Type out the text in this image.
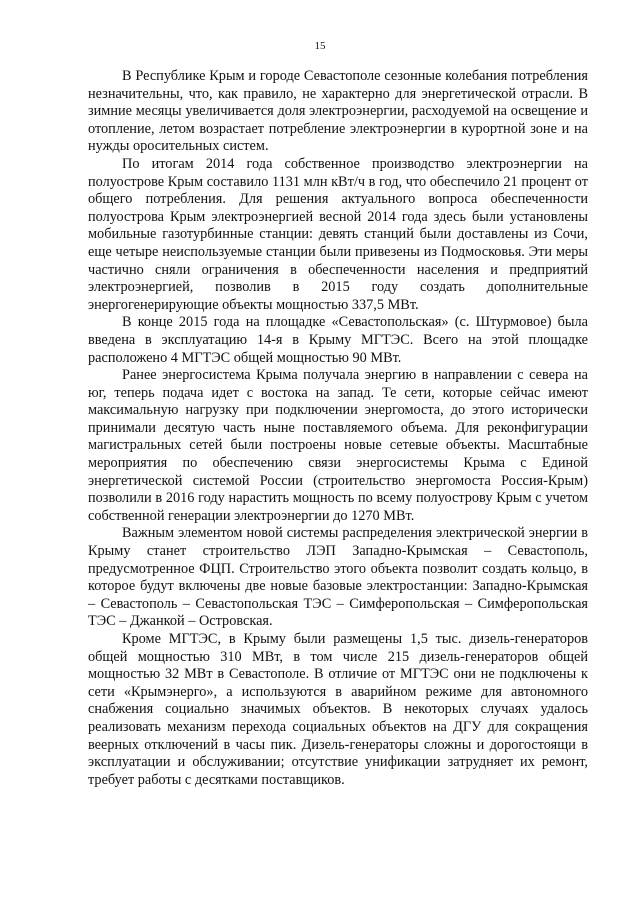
15

В Республике Крым и городе Севастополе сезонные колебания потребления незначительны, что, как правило, не характерно для энергетической отрасли. В зимние месяцы увеличивается доля электроэнергии, расходуемой на освещение и отопление, летом возрастает потребление электроэнергии в курортной зоне и на нужды оросительных систем.

По итогам 2014 года собственное производство электроэнергии на полуострове Крым составило 1131 млн кВт/ч в год, что обеспечило 21 процент от общего потребления. Для решения актуального вопроса обеспеченности полуострова Крым электроэнергией весной 2014 года здесь были установлены мобильные газотурбинные станции: девять станций были доставлены из Сочи, еще четыре неиспользуемые станции были привезены из Подмосковья. Эти меры частично сняли ограничения в обеспеченности населения и предприятий электроэнергией, позволив в 2015 году создать дополнительные энергогенерирующие объекты мощностью 337,5 МВт.

В конце 2015 года на площадке «Севастопольская» (с. Штурмовое) была введена в эксплуатацию 14-я в Крыму МГТЭС. Всего на этой площадке расположено 4 МГТЭС общей мощностью 90 МВт.

Ранее энергосистема Крыма получала энергию в направлении с севера на юг, теперь подача идет с востока на запад. Те сети, которые сейчас имеют максимальную нагрузку при подключении энергомоста, до этого исторически принимали десятую часть ныне поставляемого объема. Для реконфигурации магистральных сетей были построены новые сетевые объекты. Масштабные мероприятия по обеспечению связи энергосистемы Крыма с Единой энергетической системой России (строительство энергомоста Россия-Крым) позволили в 2016 году нарастить мощность по всему полуострову Крым с учетом собственной генерации электроэнергии до 1270 МВт.

Важным элементом новой системы распределения электрической энергии в Крыму станет строительство ЛЭП Западно-Крымская – Севастополь, предусмотренное ФЦП. Строительство этого объекта позволит создать кольцо, в которое будут включены две новые базовые электростанции: Западно-Крымская – Севастополь – Севастопольская ТЭС – Симферопольская – Симферопольская ТЭС – Джанкой – Островская.

Кроме МГТЭС, в Крыму были размещены 1,5 тыс. дизель-генераторов общей мощностью 310 МВт, в том числе 215 дизель-генераторов общей мощностью 32 МВт в Севастополе. В отличие от МГТЭС они не подключены к сети «Крымэнерго», а используются в аварийном режиме для автономного снабжения социально значимых объектов. В некоторых случаях удалось реализовать механизм перехода социальных объектов на ДГУ для сокращения веерных отключений в часы пик. Дизель-генераторы сложны и дорогостоящи в эксплуатации и обслуживании; отсутствие унификации затрудняет их ремонт, требует работы с десятками поставщиков.
